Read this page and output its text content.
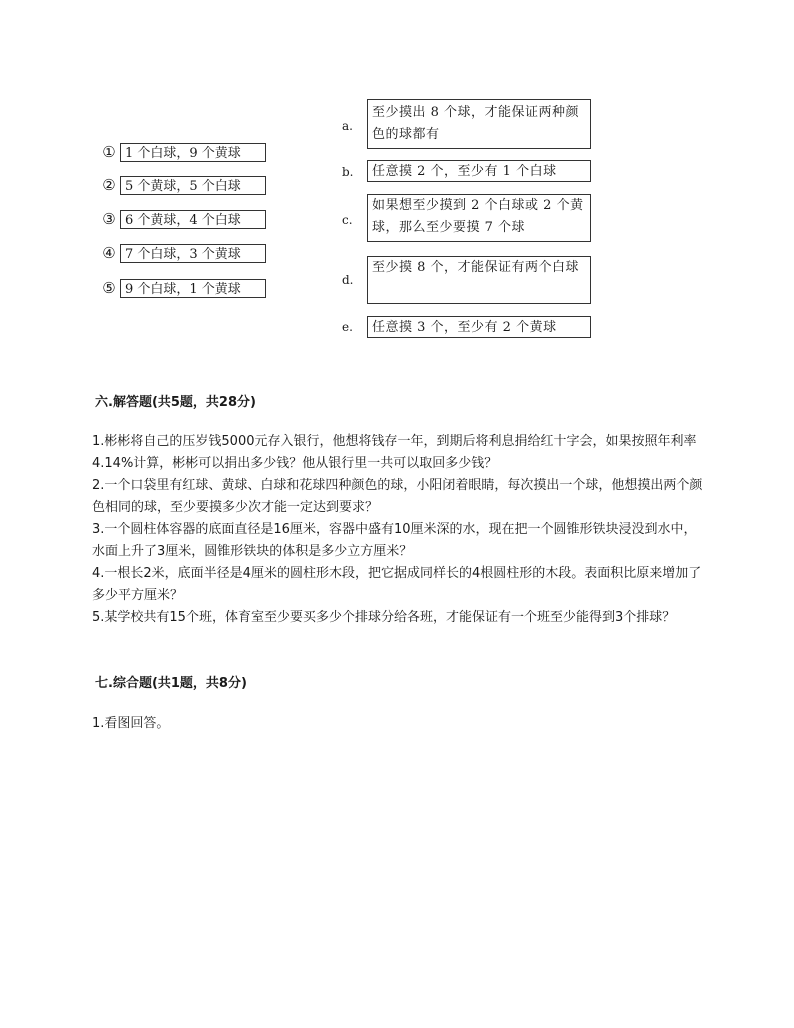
① 1 个白球，9 个黄球
② 5 个黄球，5 个白球
③ 6 个黄球，4 个白球
④ 7 个白球，3 个黄球
⑤ 9 个白球，1 个黄球
a.
至少摸出 8 个球，才能保证两种颜色的球都有
b.	任意摸 2 个，至少有 1 个白球
c.
如果想至少摸到 2 个白球或 2 个黄球，那么至少要摸 7 个球
d.
至少摸 8 个，才能保证有两个白球
e.	任意摸 3 个，至少有 2 个黄球
六.解答题(共5题，共28分)
1.彬彬将自己的压岁钱5000元存入银行，他想将钱存一年，到期后将利息捐给红十字会，如果按照年利率4.14%计算，彬彬可以捐出多少钱？他从银行里一共可以取回多少钱？
2.一个口袋里有红球、黄球、白球和花球四种颜色的球，小阳闭着眼睛，每次摸出一个球，他想摸出两个颜色相同的球，至少要摸多少次才能一定达到要求？
3.一个圆柱体容器的底面直径是16厘米，容器中盛有10厘米深的水，现在把一个圆锥形铁块浸没到水中，水面上升了3厘米，圆锥形铁块的体积是多少立方厘米？
4.一根长2米，底面半径是4厘米的圆柱形木段，把它据成同样长的4根圆柱形的木段。表面积比原来增加了多少平方厘米？
5.某学校共有15个班，体育室至少要买多少个排球分给各班，才能保证有一个班至少能得到3个排球？
七.综合题(共1题，共8分)
1.看图回答。
